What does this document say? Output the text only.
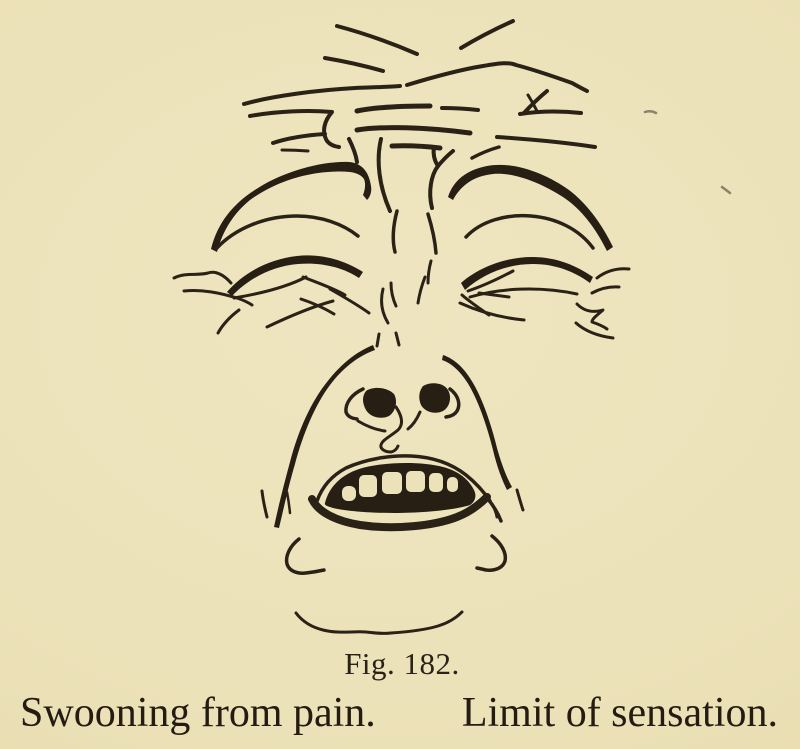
Fig. 182.
Swooning from pain. Limit of sensation.
